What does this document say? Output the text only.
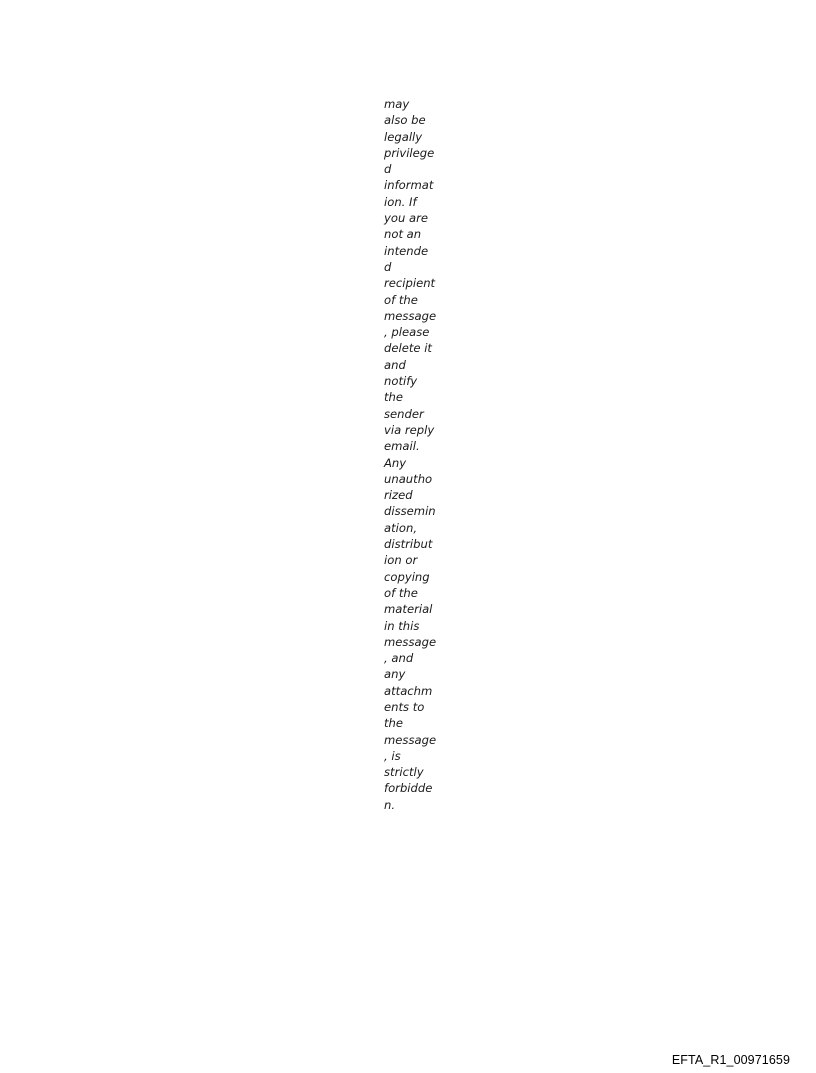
may
also be
legally
privilege
d
informat
ion. If
you are
not an
intende
d
recipient
of the
message
, please
delete it
and
notify
the
sender
via reply
email.
Any
unautho
rized
dissemin
ation,
distribut
ion or
copying
of the
material
in this
message
, and
any
attachm
ents to
the
message
, is
strictly
forbidde
n.
EFTA_R1_00971659
